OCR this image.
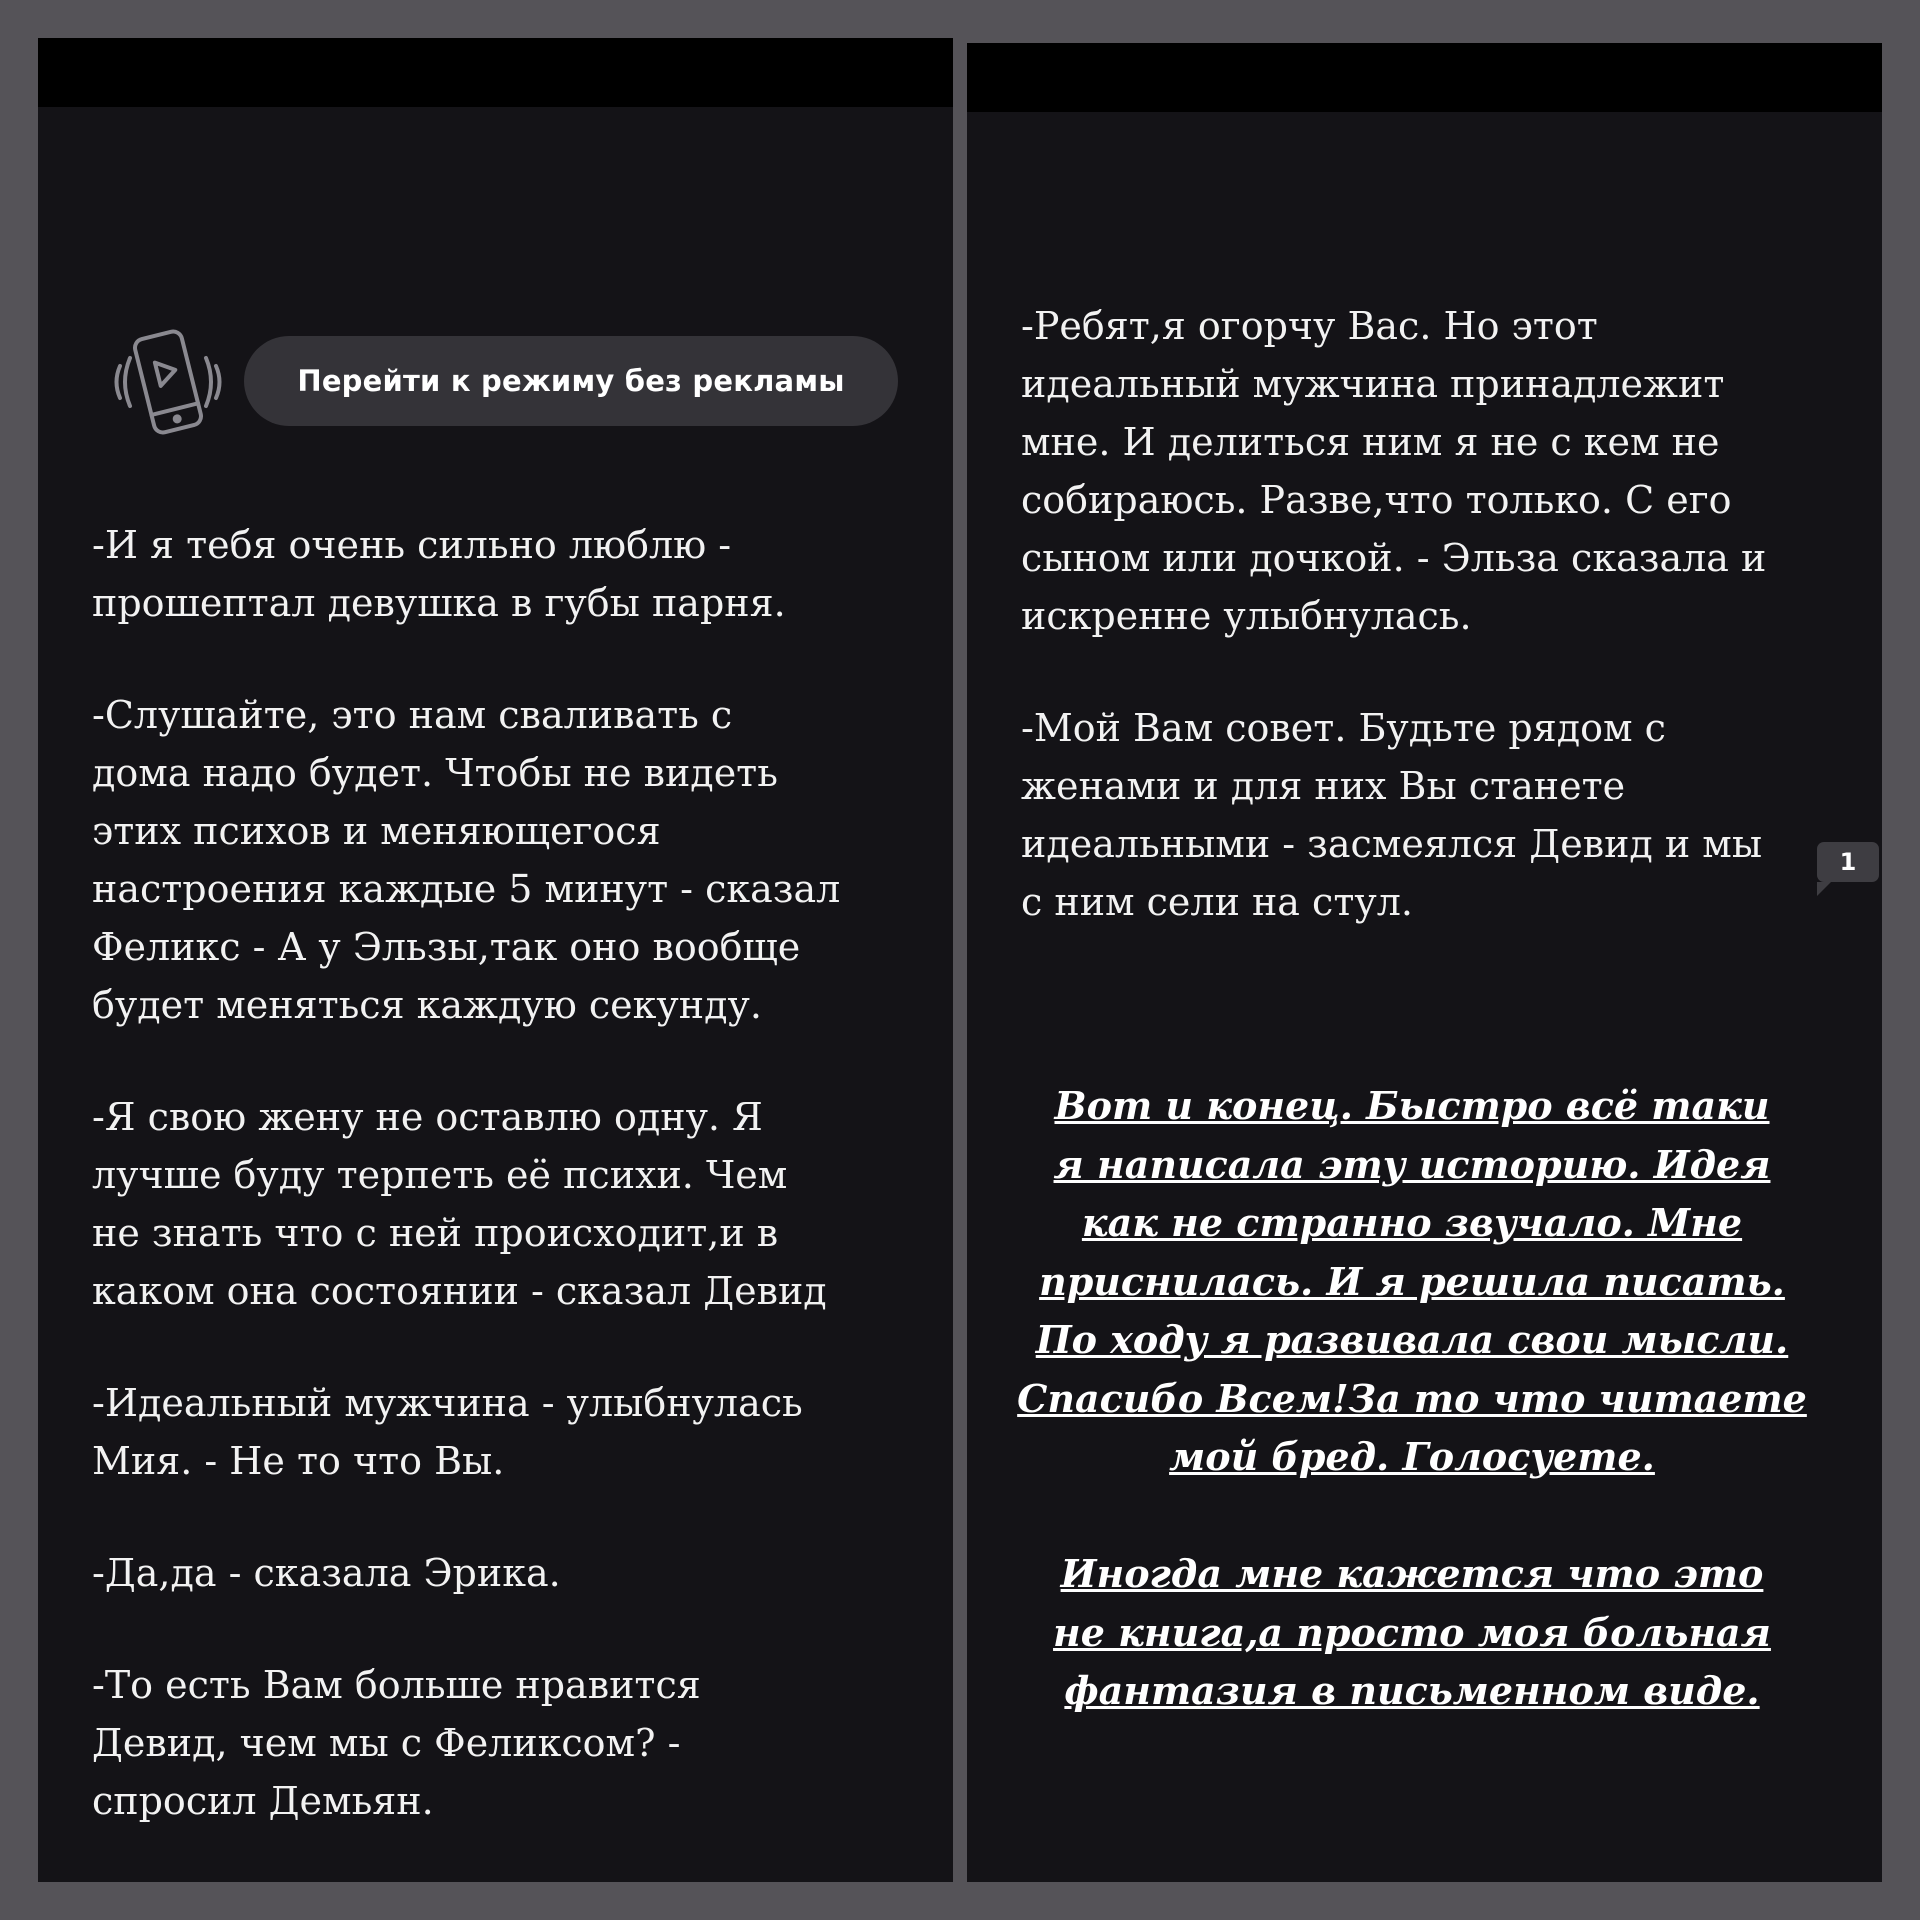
Перейти к режиму без рекламы

-И я тебя очень сильно люблю -
прошептал девушка в губы парня.

-Слушайте, это нам сваливать с
дома надо будет. Чтобы не видеть
этих психов и меняющегося
настроения каждые 5 минут - сказал
Феликс - А у Эльзы,так оно вообще
будет меняться каждую секунду.

-Я свою жену не оставлю одну. Я
лучше буду терпеть её психи. Чем
не знать что с ней происходит,и в
каком она состоянии - сказал Девид

-Идеальный мужчина - улыбнулась
Мия. - Не то что Вы.

-Да,да - сказала Эрика.

-То есть Вам больше нравится
Девид, чем мы с Феликсом? -
спросил Демьян.

-Ребят,я огорчу Вас. Но этот
идеальный мужчина принадлежит
мне. И делиться ним я не с кем не
собираюсь. Разве,что только. С его
сыном или дочкой. - Эльза сказала и
искренне улыбнулась.

-Мой Вам совет. Будьте рядом с
женами и для них Вы станете
идеальными - засмеялся Девид и мы
с ним сели на стул.

Вот и конец. Быстро всё таки
я написала эту историю. Идея
как не странно звучало. Мне
приснилась. И я решила писать.
По ходу я развивала свои мысли.
Спасибо Всем!За то что читаете
мой бред. Голосуете.

Иногда мне кажется что это
не книга,а просто моя больная
фантазия в письменном виде.

1
